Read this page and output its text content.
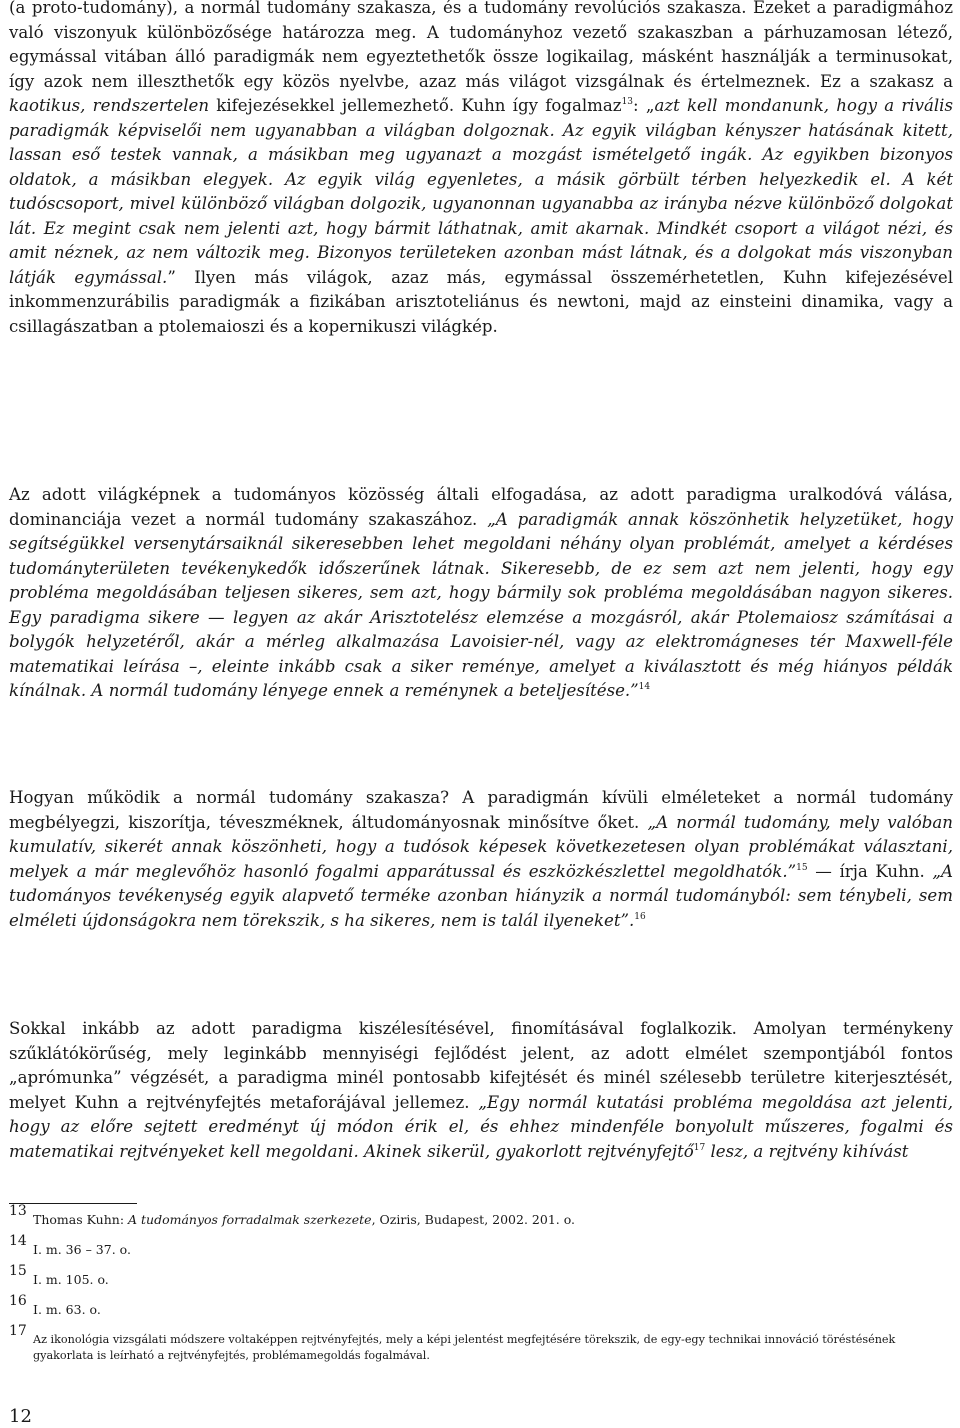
(a proto-tudomány), a normál tudomány szakasza, és a tudomány revolúciós szakasza. Ezeket a paradigmához való viszonyuk különbözősége határozza meg. A tudományhoz vezető szakaszban a párhuzamosan létező, egymással vitában álló paradigmák nem egyeztethetők össze logikailag, másként használják a terminusokat, így azok nem illeszthetők egy közös nyelvbe, azaz más világot vizsgálnak és értelmeznek. Ez a szakasz a kaotikus, rendszertelen kifejezésekkel jellemezhető. Kuhn így fogalmaz$^{13}$: „azt kell mondanunk, hogy a rivális paradigmák képviselői nem ugyanabban a világban dolgoznak. Az egyik világban kényszer hatásának kitett, lassan eső testek vannak, a másikban meg ugyanazt a mozgást ismételgető ingák. Az egyikben bizonyos oldatok, a másikban elegyek. Az egyik világ egyenletes, a másik görbült térben helyezkedik el. A két tudóscsoport, mivel különböző világban dolgozik, ugyanonnan ugyanabba az irányba nézve különböző dolgokat lát. Ez megint csak nem jelenti azt, hogy bármit láthatnak, amit akarnak. Mindkét csoport a világot nézi, és amit néznek, az nem változik meg. Bizonyos területeken azonban mást látnak, és a dolgokat más viszonyban látják egymással.” Ilyen más világok, azaz más, egymással összemérhetetlen, Kuhn kifejezésével inkommenzurábilis paradigmák a fizikában arisztoteliánus és newtoni, majd az einsteini dinamika, vagy a csillagászatban a ptolemaioszi és a kopernikuszi világkép.

Az adott világképnek a tudományos közösség általi elfogadása, az adott paradigma uralkodóvá válása, dominanciája vezet a normál tudomány szakaszához. „A paradigmák annak köszönhetik helyzetüket, hogy segítségükkel versenytársaiknál sikeresebben lehet megoldani néhány olyan problémát, amelyet a kérdéses tudományterületen tevékenykedők időszerűnek látnak. Sikeresebb, de ez sem azt nem jelenti, hogy egy probléma megoldásában teljesen sikeres, sem azt, hogy bármily sok probléma megoldásában nagyon sikeres. Egy paradigma sikere — legyen az akár Arisztotelész elemzése a mozgásról, akár Ptolemaiosz számításai a bolygók helyzetéről, akár a mérleg alkalmazása Lavoisier-nél, vagy az elektromágneses tér Maxwell-féle matematikai leírása –, eleinte inkább csak a siker reménye, amelyet a kiválasztott és még hiányos példák kínálnak. A normál tudomány lényege ennek a reménynek a beteljesítése.”$^{14}$

Hogyan működik a normál tudomány szakasza? A paradigmán kívüli elméleteket a normál tudomány megbélyegzi, kiszorítja, téveszméknek, áltudományosnak minősítve őket. „A normál tudomány, mely valóban kumulatív, sikerét annak köszönheti, hogy a tudósok képesek következetesen olyan problémákat választani, melyek a már meglevőhöz hasonló fogalmi apparátussal és eszközkészlettel megoldhatók.”$^{15}$ — írja Kuhn. „A tudományos tevékenység egyik alapvető terméke azonban hiányzik a normál tudományból: sem ténybeli, sem elméleti újdonságokra nem törekszik, s ha sikeres, nem is talál ilyeneket”.$^{16}$

Sokkal inkább az adott paradigma kiszélesítésével, finomításával foglalkozik. Amolyan terménykeny szűklátókörűség, mely leginkább mennyiségi fejlődést jelent, az adott elmélet szempontjából fontos „aprómunka” végzését, a paradigma minél pontosabb kifejtését és minél szélesebb területre kiterjesztését, melyet Kuhn a rejtvényfejtés metaforájával jellemez. „Egy normál kutatási probléma megoldása azt jelenti, hogy az előre sejtett eredményt új módon érik el, és ehhez mindenféle bonyolult műszeres, fogalmi és matematikai rejtvényeket kell megoldani. Akinek sikerül, gyakorlott rejtvényfejtő$^{17}$ lesz, a rejtvény kihívást

13
Thomas Kuhn: A tudományos forradalmak szerkezete, Oziris, Budapest, 2002. 201. o.
14
I. m. 36 – 37. o.
15
I. m. 105. o.
16
I. m. 63. o.
17
Az ikonológia vizsgálati módszere voltaképpen rejtvényfejtés, mely a képi jelentést megfejtésére törekszik, de egy-egy technikai innováció töréstésének gyakorlata is leírható a rejtvényfejtés, problémamegoldás fogalmával.
12
